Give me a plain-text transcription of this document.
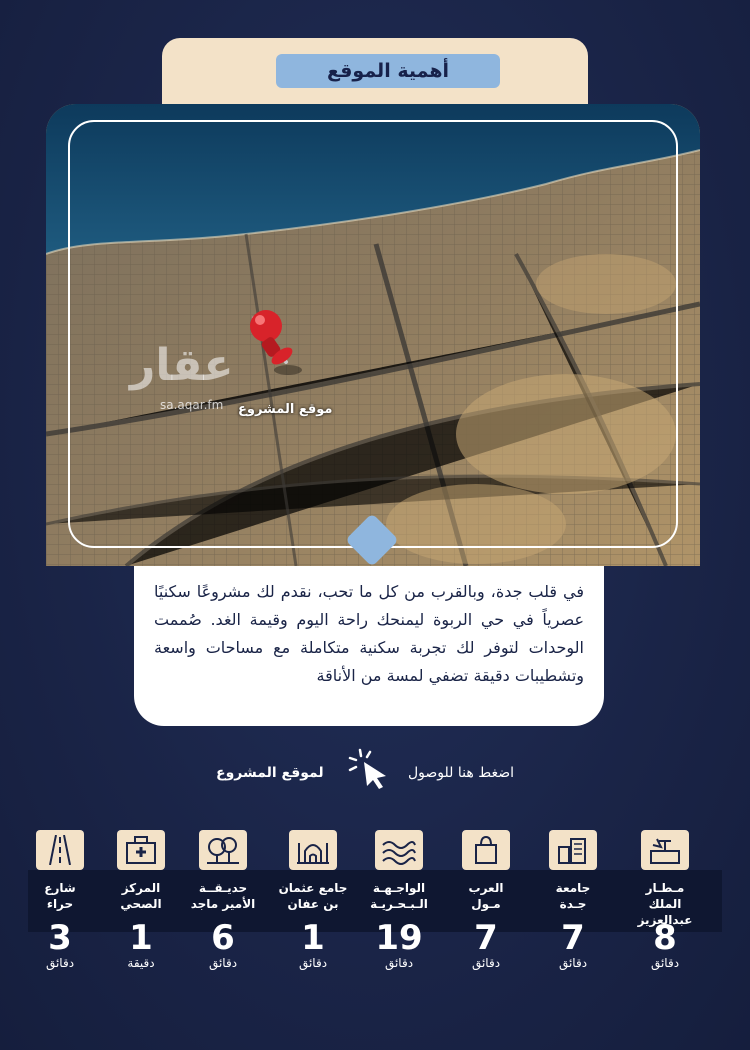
أهمية الموقع
عقار
sa.aqar.fm موقع المشروع

في قلب جدة، وبالقرب من كل ما تحب، نقدم لك مشروعًا سكنيًا عصرياً في حي الربوة ليمنحك راحة اليوم وقيمة الغد. صُممت الوحدات لتوفر لك تجربة سكنية متكاملة مع مساحات واسعة وتشطيبات دقيقة تضفي لمسة من الأناقة

اضغط هنا للوصول
لموقع المشروع
شارع
حراء
3
دقائق
المركز
الصحي
1
دقيقة
حديـقــة
الأمير ماجد
6
دقائق
جامع عثمان
بن عفان
1
دقائق
الواجـهـة
الـبـحـريـة
19
دقائق
العرب
مـول
7
دقائق
جامعة
جـدة
7
دقائق
مـطـار
الملك عبدالعزيز
8
دقائق
